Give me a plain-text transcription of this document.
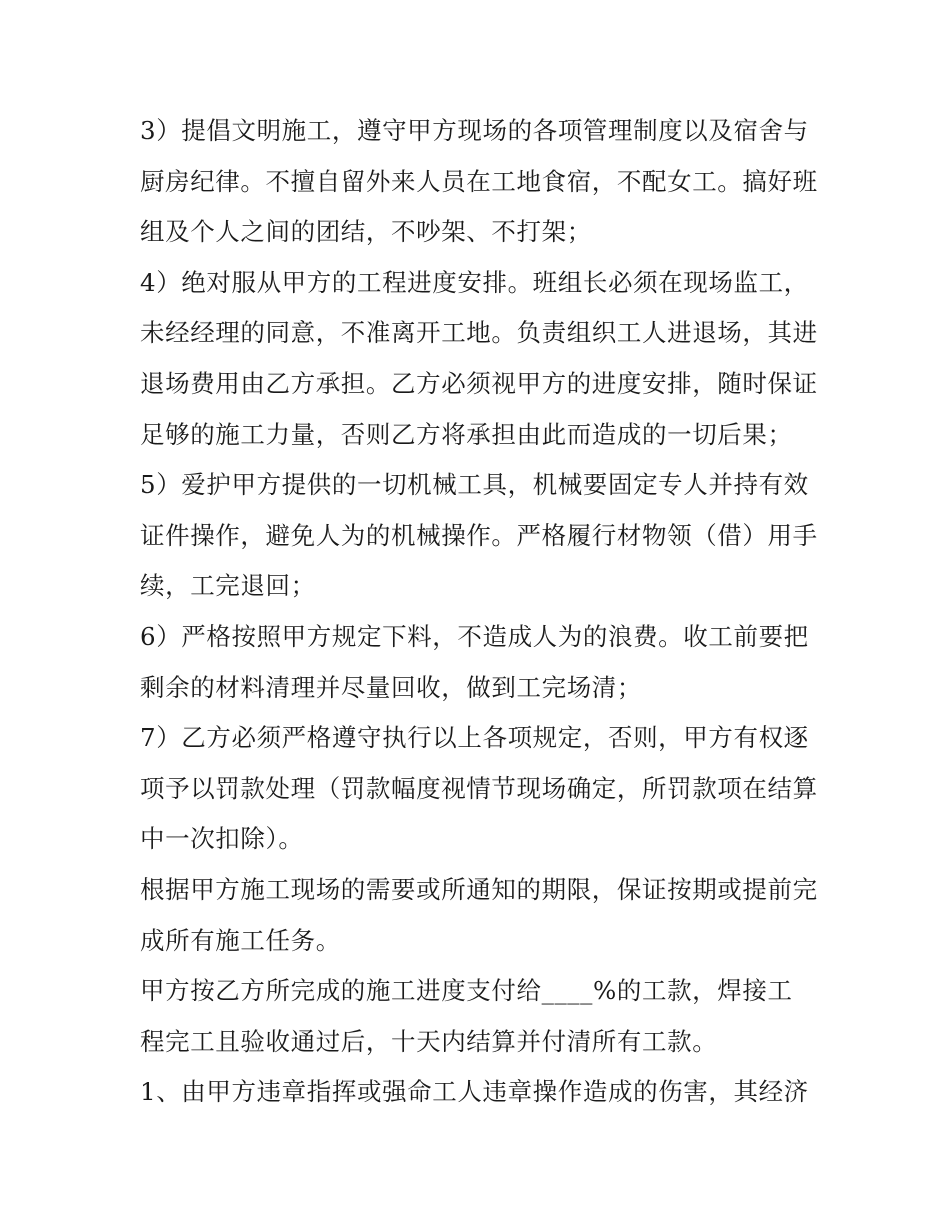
3）提倡文明施工，遵守甲方现场的各项管理制度以及宿舍与
厨房纪律。不擅自留外来人员在工地食宿，不配女工。搞好班
组及个人之间的团结，不吵架、不打架；
4）绝对服从甲方的工程进度安排。班组长必须在现场监工，
未经经理的同意，不准离开工地。负责组织工人进退场，其进
退场费用由乙方承担。乙方必须视甲方的进度安排，随时保证
足够的施工力量，否则乙方将承担由此而造成的一切后果；
5）爱护甲方提供的一切机械工具，机械要固定专人并持有效
证件操作，避免人为的机械操作。严格履行材物领（借）用手
续，工完退回；
6）严格按照甲方规定下料，不造成人为的浪费。收工前要把
剩余的材料清理并尽量回收，做到工完场清；
7）乙方必须严格遵守执行以上各项规定，否则，甲方有权逐
项予以罚款处理（罚款幅度视情节现场确定，所罚款项在结算
中一次扣除）。
根据甲方施工现场的需要或所通知的期限，保证按期或提前完
成所有施工任务。
甲方按乙方所完成的施工进度支付给____%的工款，焊接工
程完工且验收通过后，十天内结算并付清所有工款。
1、由甲方违章指挥或强命工人违章操作造成的伤害，其经济
